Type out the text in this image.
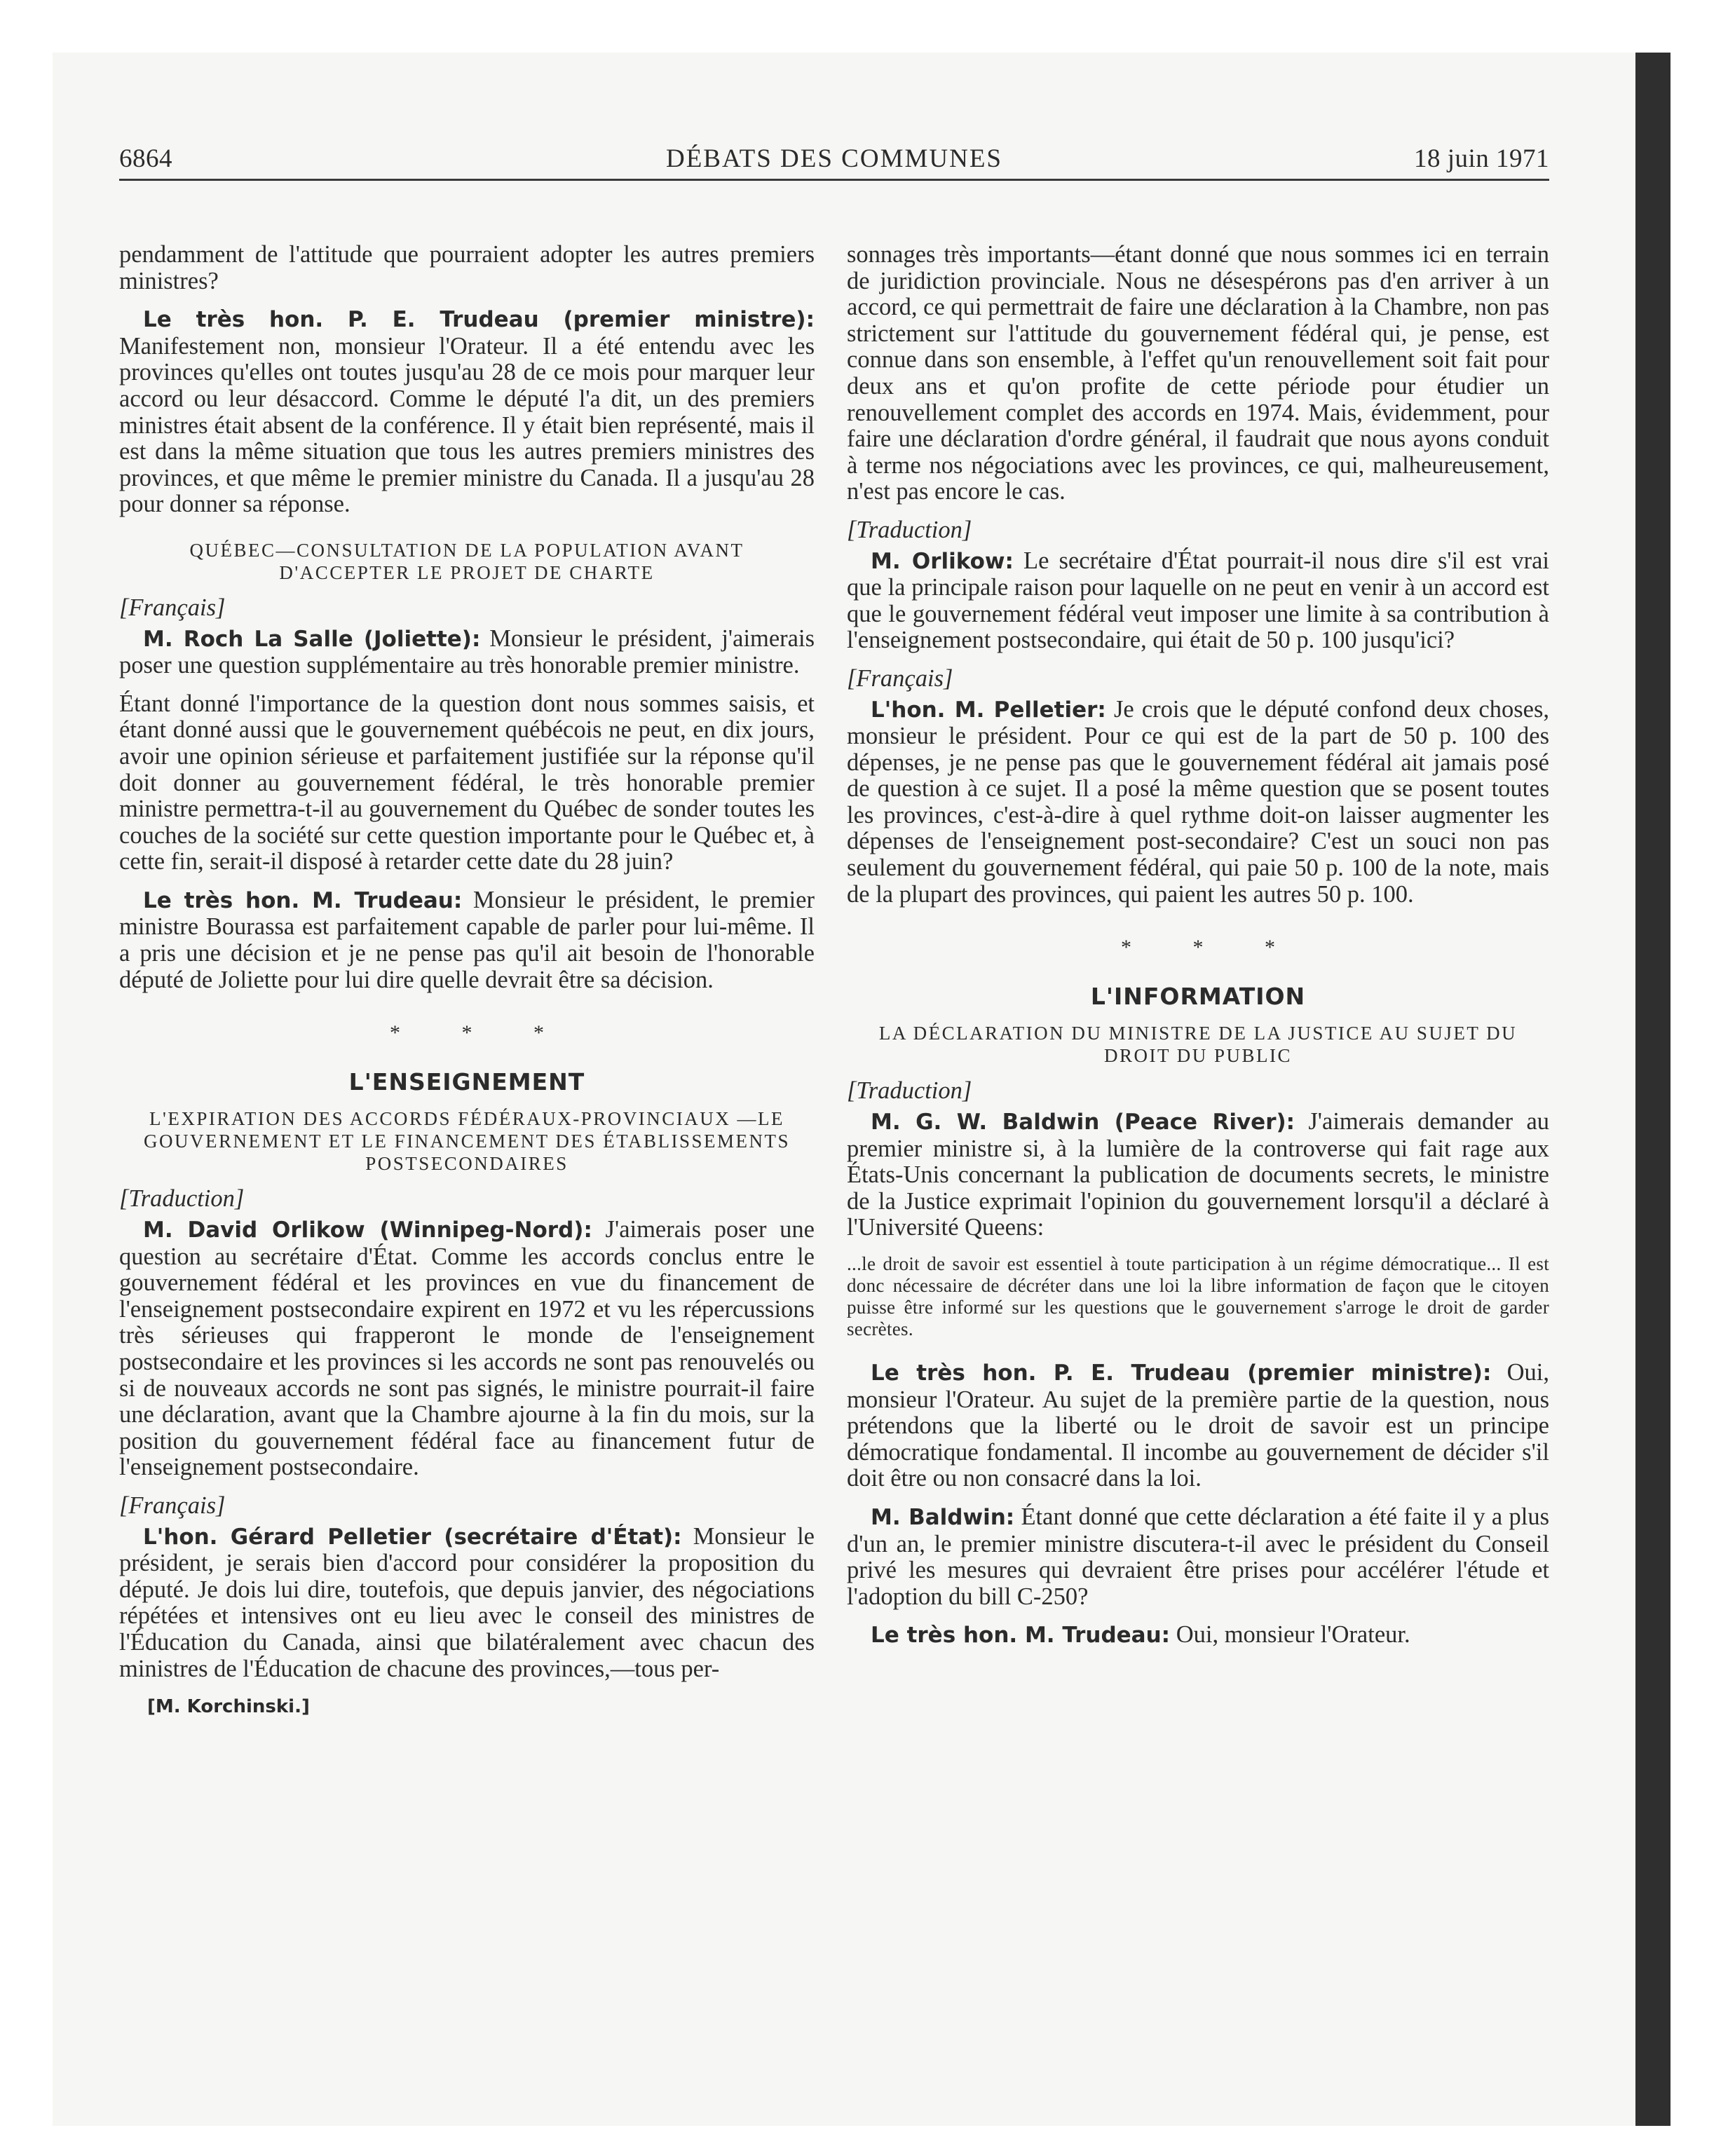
6864	DÉBATS DES COMMUNES	18 juin 1971

pendamment de l'attitude que pourraient adopter les autres premiers ministres?

Le très hon. P. E. Trudeau (premier ministre): Manifestement non, monsieur l'Orateur. Il a été entendu avec les provinces qu'elles ont toutes jusqu'au 28 de ce mois pour marquer leur accord ou leur désaccord. Comme le député l'a dit, un des premiers ministres était absent de la conférence. Il y était bien représenté, mais il est dans la même situation que tous les autres premiers ministres des provinces, et que même le premier ministre du Canada. Il a jusqu'au 28 pour donner sa réponse.

QUÉBEC—CONSULTATION DE LA POPULATION AVANT D'ACCEPTER LE PROJET DE CHARTE
[Français]

M. Roch La Salle (Joliette): Monsieur le président, j'aimerais poser une question supplémentaire au très honorable premier ministre.

Étant donné l'importance de la question dont nous sommes saisis, et étant donné aussi que le gouvernement québécois ne peut, en dix jours, avoir une opinion sérieuse et parfaitement justifiée sur la réponse qu'il doit donner au gouvernement fédéral, le très honorable premier ministre permettra-t-il au gouvernement du Québec de sonder toutes les couches de la société sur cette question importante pour le Québec et, à cette fin, serait-il disposé à retarder cette date du 28 juin?

Le très hon. M. Trudeau: Monsieur le président, le premier ministre Bourassa est parfaitement capable de parler pour lui-même. Il a pris une décision et je ne pense pas qu'il ait besoin de l'honorable député de Joliette pour lui dire quelle devrait être sa décision.

* * *
L'ENSEIGNEMENT
L'EXPIRATION DES ACCORDS FÉDÉRAUX-PROVINCIAUX —LE GOUVERNEMENT ET LE FINANCEMENT DES ÉTABLISSEMENTS POSTSECONDAIRES
[Traduction]

M. David Orlikow (Winnipeg-Nord): J'aimerais poser une question au secrétaire d'État. Comme les accords conclus entre le gouvernement fédéral et les provinces en vue du financement de l'enseignement postsecondaire expirent en 1972 et vu les répercussions très sérieuses qui frapperont le monde de l'enseignement postsecondaire et les provinces si les accords ne sont pas renouvelés ou si de nouveaux accords ne sont pas signés, le ministre pourrait-il faire une déclaration, avant que la Chambre ajourne à la fin du mois, sur la position du gouvernement fédéral face au financement futur de l'enseignement postsecondaire.

[Français]

L'hon. Gérard Pelletier (secrétaire d'État): Monsieur le président, je serais bien d'accord pour considérer la proposition du député. Je dois lui dire, toutefois, que depuis janvier, des négociations répétées et intensives ont eu lieu avec le conseil des ministres de l'Éducation du Canada, ainsi que bilatéralement avec chacun des ministres de l'Éducation de chacune des provinces,—tous per-

[M. Korchinski.]

sonnages très importants—étant donné que nous sommes ici en terrain de juridiction provinciale. Nous ne désespérons pas d'en arriver à un accord, ce qui permettrait de faire une déclaration à la Chambre, non pas strictement sur l'attitude du gouvernement fédéral qui, je pense, est connue dans son ensemble, à l'effet qu'un renouvellement soit fait pour deux ans et qu'on profite de cette période pour étudier un renouvellement complet des accords en 1974. Mais, évidemment, pour faire une déclaration d'ordre général, il faudrait que nous ayons conduit à terme nos négociations avec les provinces, ce qui, malheureusement, n'est pas encore le cas.

[Traduction]

M. Orlikow: Le secrétaire d'État pourrait-il nous dire s'il est vrai que la principale raison pour laquelle on ne peut en venir à un accord est que le gouvernement fédéral veut imposer une limite à sa contribution à l'enseignement postsecondaire, qui était de 50 p. 100 jusqu'ici?

[Français]

L'hon. M. Pelletier: Je crois que le député confond deux choses, monsieur le président. Pour ce qui est de la part de 50 p. 100 des dépenses, je ne pense pas que le gouvernement fédéral ait jamais posé de question à ce sujet. Il a posé la même question que se posent toutes les provinces, c'est-à-dire à quel rythme doit-on laisser augmenter les dépenses de l'enseignement post-secondaire? C'est un souci non pas seulement du gouvernement fédéral, qui paie 50 p. 100 de la note, mais de la plupart des provinces, qui paient les autres 50 p. 100.

* * *
L'INFORMATION
LA DÉCLARATION DU MINISTRE DE LA JUSTICE AU SUJET DU DROIT DU PUBLIC
[Traduction]

M. G. W. Baldwin (Peace River): J'aimerais demander au premier ministre si, à la lumière de la controverse qui fait rage aux États-Unis concernant la publication de documents secrets, le ministre de la Justice exprimait l'opinion du gouvernement lorsqu'il a déclaré à l'Université Queens:

...le droit de savoir est essentiel à toute participation à un régime démocratique... Il est donc nécessaire de décréter dans une loi la libre information de façon que le citoyen puisse être informé sur les questions que le gouvernement s'arroge le droit de garder secrètes.

Le très hon. P. E. Trudeau (premier ministre): Oui, monsieur l'Orateur. Au sujet de la première partie de la question, nous prétendons que la liberté ou le droit de savoir est un principe démocratique fondamental. Il incombe au gouvernement de décider s'il doit être ou non consacré dans la loi.

M. Baldwin: Étant donné que cette déclaration a été faite il y a plus d'un an, le premier ministre discutera-t-il avec le président du Conseil privé les mesures qui devraient être prises pour accélérer l'étude et l'adoption du bill C-250?

Le très hon. M. Trudeau: Oui, monsieur l'Orateur.
